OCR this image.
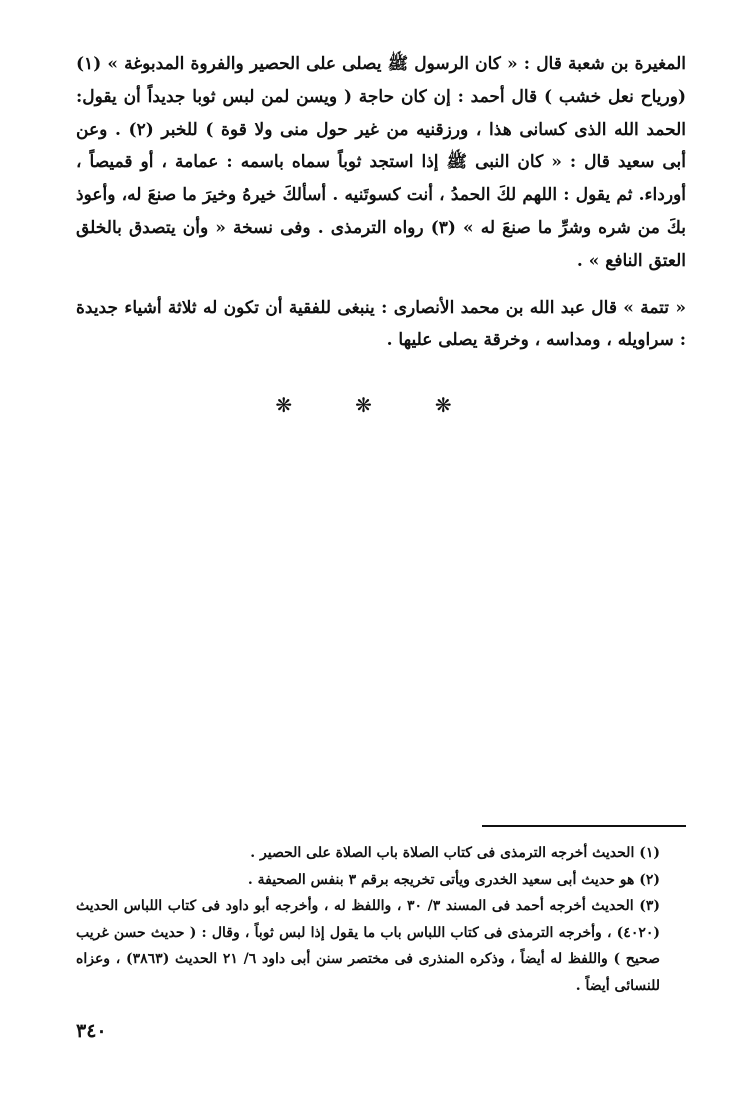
المغيرة بن شعبة قال : « كان الرسول ﷺ يصلى على الحصير والفروة المدبوغة » (١) (ورياح نعل خشب ) قال أحمد : إن كان حاجة ( ويسن لمن لبس ثوبا جديداً أن يقول: الحمد الله الذى كسانى هذا ، ورزقنيه من غير حول منى ولا قوة ) للخبر (٢) . وعن أبى سعيد قال : « كان النبى ﷺ إذا استجد ثوباً سماه باسمه : عمامة ، أو قميصاً ، أورداء. ثم يقول : اللهم لكَ الحمدُ ، أنت كسوتَنيه . أسألكَ خيرهُ وخيرَ ما صنعَ له، وأعوذ بكَ من شره وشرِّ ما صنعَ له » (٣) رواه الترمذى . وفى نسخة « وأن يتصدق بالخلق العتق النافع » .

« تتمة » قال عبد الله بن محمد الأنصارى : ينبغى للفقية أن تكون له ثلاثة أشياء جديدة : سراويله ، ومداسه ، وخرقة يصلى عليها .

❋ ❋ ❋

(١) الحديث أخرجه الترمذى فى كتاب الصلاة باب الصلاة على الحصير .

(٢) هو حديث أبى سعيد الخدرى ويأتى تخريجه برقم ٣ بنفس الصحيفة .

(٣) الحديث أخرجه أحمد فى المسند ٣/ ٣٠ ، واللفظ له ، وأخرجه أبو داود فى كتاب اللباس الحديث (٤٠٢٠) ، وأخرجه الترمذى فى كتاب اللباس باب ما يقول إذا لبس ثوباً ، وقال : ( حديث حسن غريب صحيح ) واللفظ له أيضاً ، وذكره المنذرى فى مختصر سنن أبى داود ٦/ ٢١ الحديث (٣٨٦٣) ، وعزاه للنسائى أيضاً .

٣٤٠
